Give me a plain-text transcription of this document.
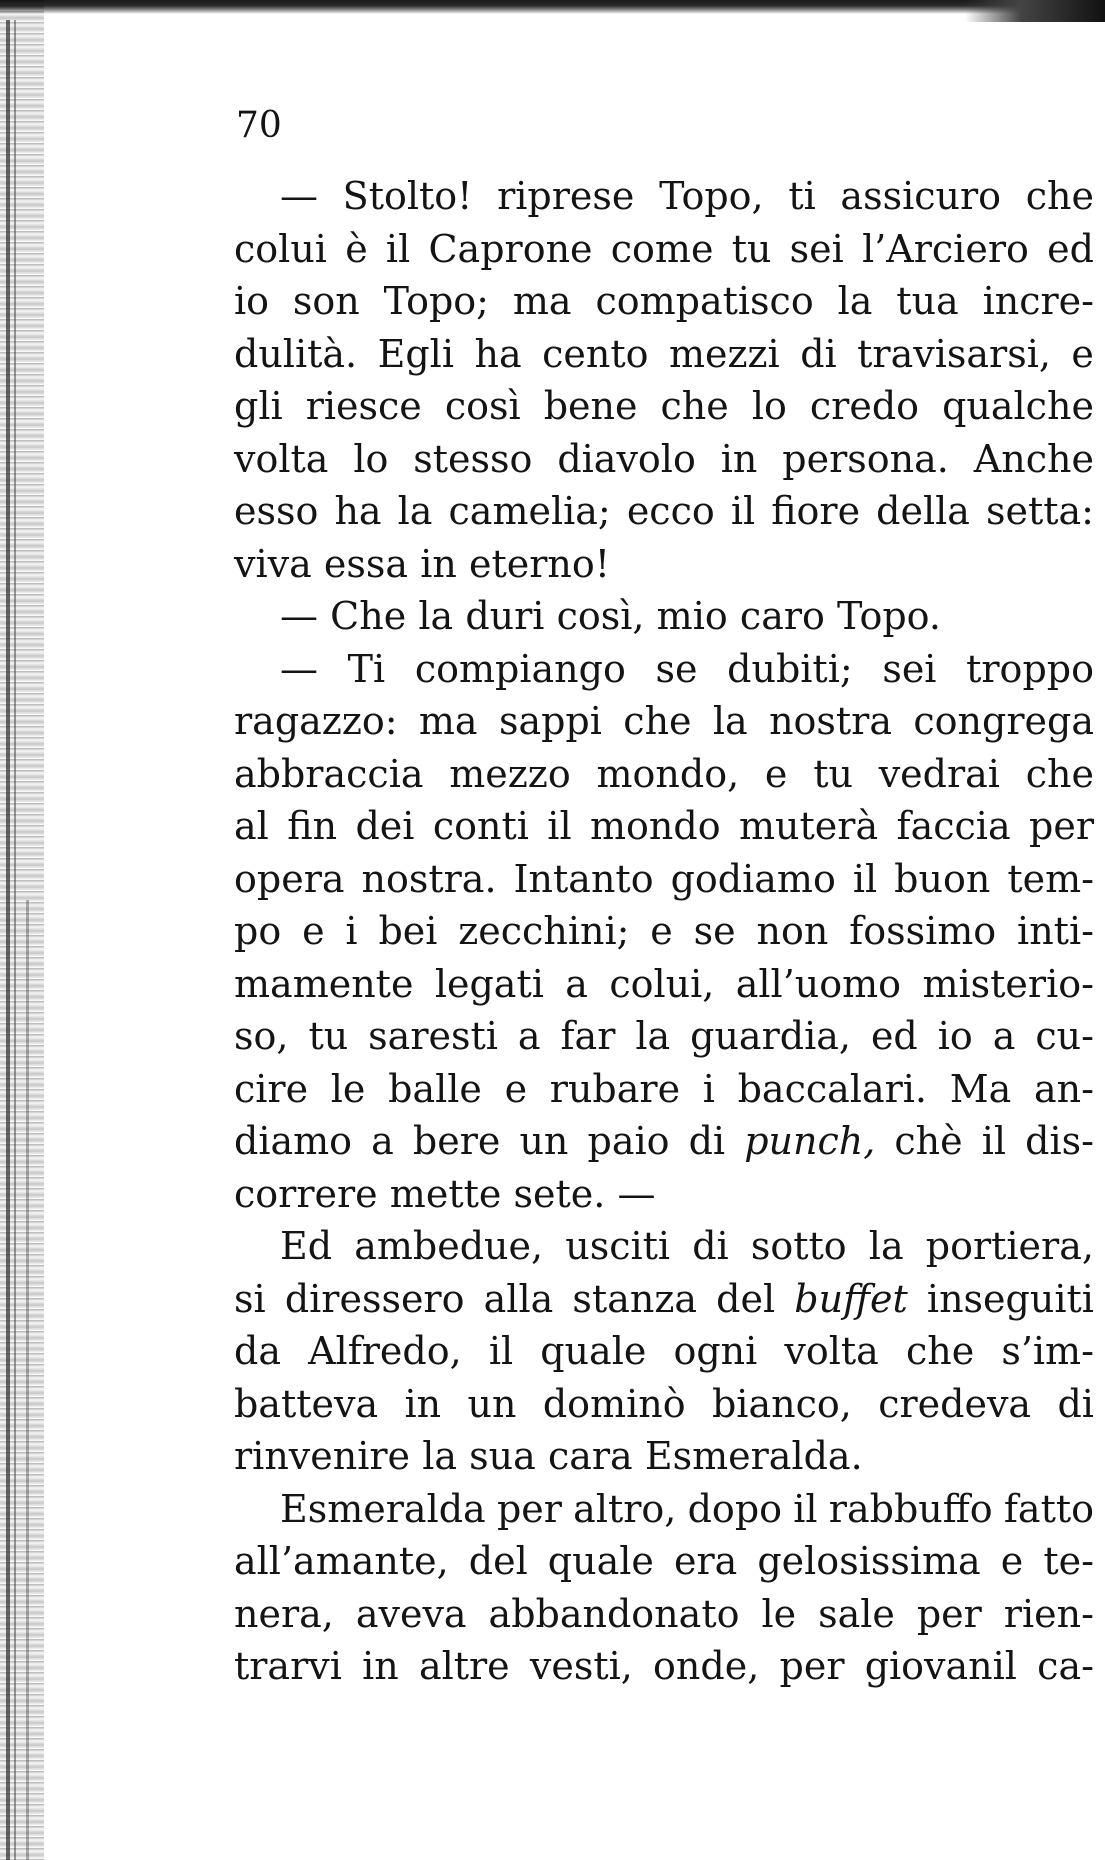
70
— Stolto! riprese Topo, ti assicuro che
colui è il Caprone come tu sei l’Arciero ed
io son Topo; ma compatisco la tua incre-
dulità. Egli ha cento mezzi di travisarsi, e
gli riesce così bene che lo credo qualche
volta lo stesso diavolo in persona. Anche
esso ha la camelia; ecco il fiore della setta:
viva essa in eterno!
— Che la duri così, mio caro Topo.
— Ti compiango se dubiti; sei troppo
ragazzo: ma sappi che la nostra congrega
abbraccia mezzo mondo, e tu vedrai che
al fin dei conti il mondo muterà faccia per
opera nostra. Intanto godiamo il buon tem-
po e i bei zecchini; e se non fossimo inti-
mamente legati a colui, all’uomo misterio-
so, tu saresti a far la guardia, ed io a cu-
cire le balle e rubare i baccalari. Ma an-
diamo a bere un paio di punch, chè il dis-
correre mette sete. —
Ed ambedue, usciti di sotto la portiera,
si diressero alla stanza del buffet inseguiti
da Alfredo, il quale ogni volta che s’im-
batteva in un dominò bianco, credeva di
rinvenire la sua cara Esmeralda.
Esmeralda per altro, dopo il rabbuffo fatto
all’amante, del quale era gelosissima e te-
nera, aveva abbandonato le sale per rien-
trarvi in altre vesti, onde, per giovanil ca-
